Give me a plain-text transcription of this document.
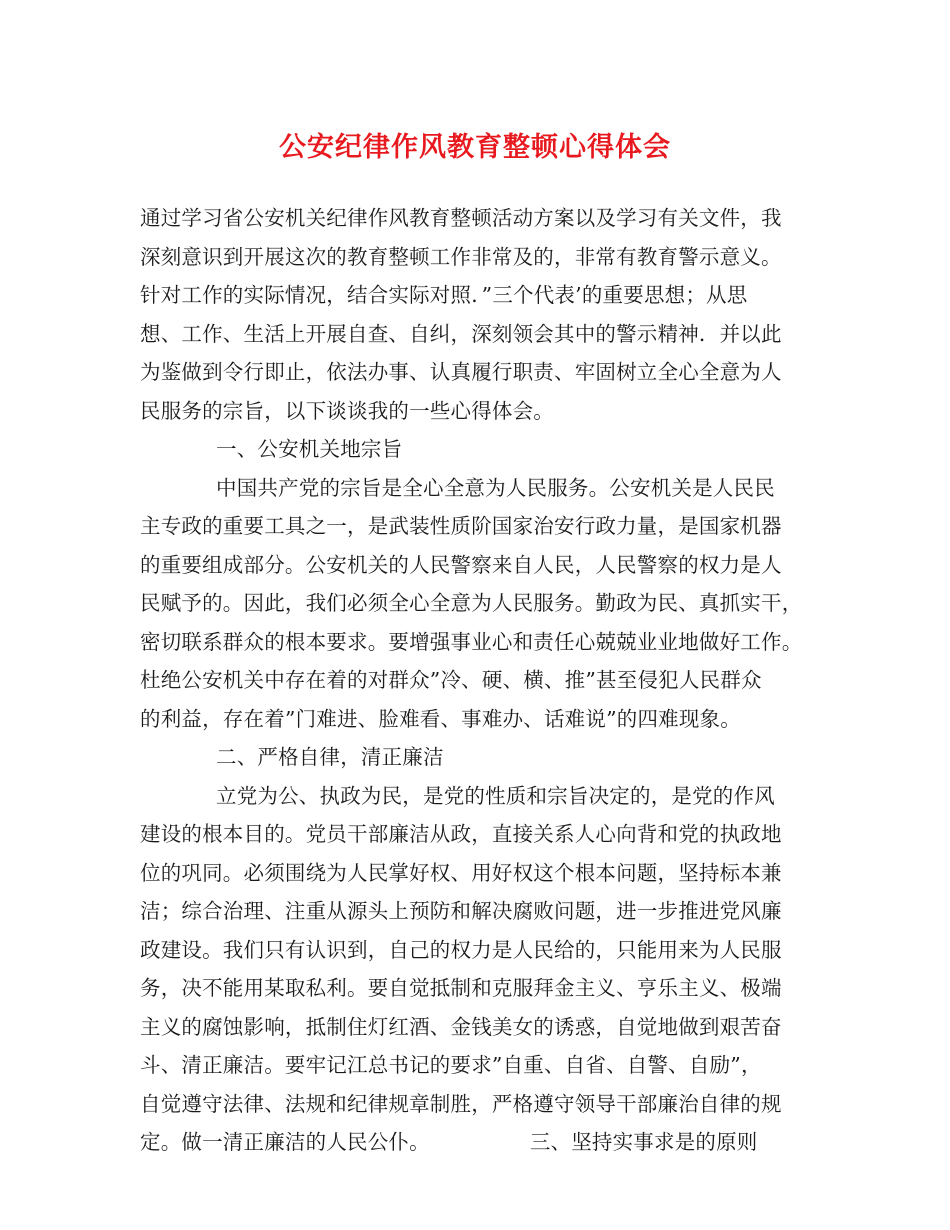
公安纪律作风教育整顿心得体会
通过学习省公安机关纪律作风教育整顿活动方案以及学习有关文件，我
深刻意识到开展这次的教育整顿工作非常及的，非常有教育警示意义。
针对工作的实际情况，结合实际对照．”三个代表’的重要思想；从思
想、工作、生活上开展自查、自纠，深刻领会其中的警示精神．并以此
为鉴做到令行即止，依法办事、认真履行职责、牢固树立全心全意为人
民服务的宗旨，以下谈谈我的一些心得体会。
一、公安机关地宗旨
中国共产党的宗旨是全心全意为人民服务。公安机关是人民民
主专政的重要工具之一，是武装性质阶国家治安行政力量，是国家机器
的重要组成部分。公安机关的人民警察来自人民，人民警察的权力是人
民赋予的。因此，我们必须全心全意为人民服务。勤政为民、真抓实干，
密切联系群众的根本要求。要增强事业心和责任心兢兢业业地做好工作。
杜绝公安机关中存在着的对群众”冷、硬、横、推”甚至侵犯人民群众
的利益，存在着”门难进、脸难看、事难办、话难说”的四难现象。
二、严格自律，清正廉洁
立党为公、执政为民，是党的性质和宗旨决定的，是党的作风
建设的根本目的。党员干部廉洁从政，直接关系人心向背和党的执政地
位的巩同。必须围绕为人民掌好权、用好权这个根本问题，坚持标本兼
洁；综合治理、注重从源头上预防和解决腐败问题，进一步推进党风廉
政建设。我们只有认识到，自己的权力是人民给的，只能用来为人民服
务，决不能用某取私利。要自觉抵制和克服拜金主义、亨乐主义、极端
主义的腐蚀影响，抵制住灯红酒、金钱美女的诱惑，自觉地做到艰苦奋
斗、清正廉洁。要牢记江总书记的要求”自重、自省、自警、自励”，
自觉遵守法律、法规和纪律规章制胜，严格遵守领导干部廉治自律的规
定。做一清正廉洁的人民公仆。	三、坚持实事求是的原则
